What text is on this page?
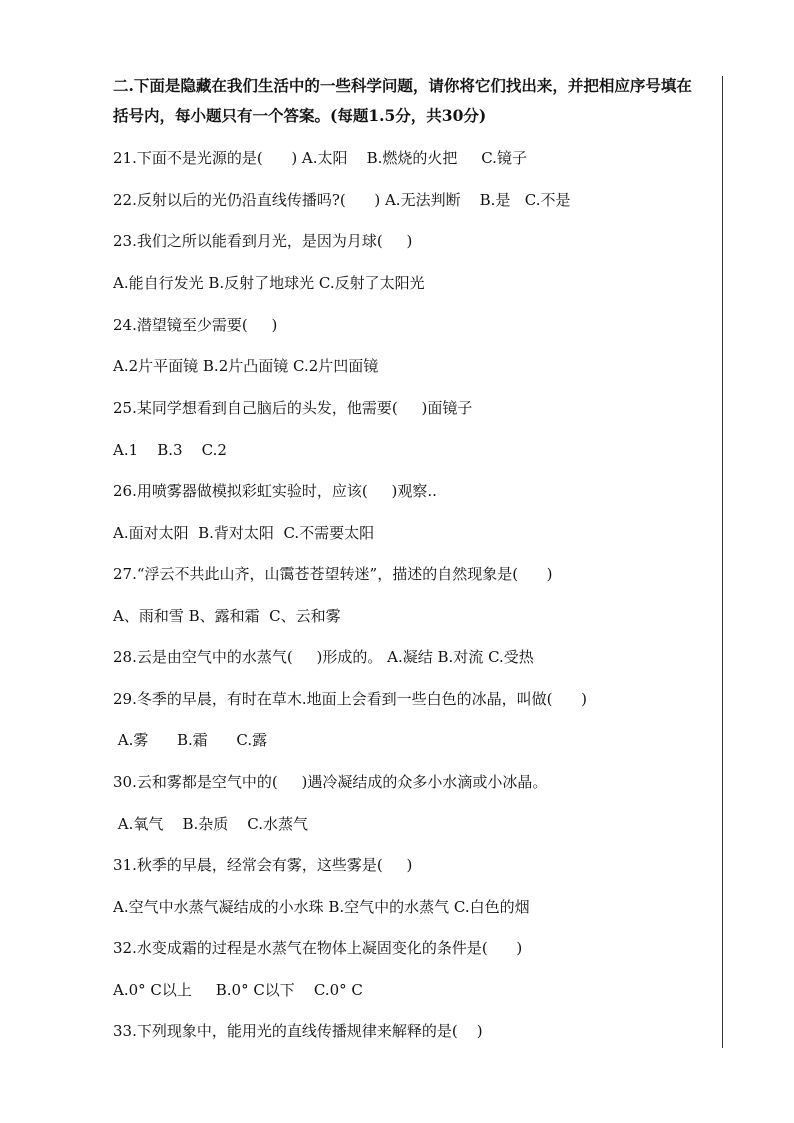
二.下面是隐藏在我们生活中的一些科学问题，请你将它们找出来，并把相应序号填在

括号内，每小题只有一个答案。(每题1.5分，共30分)

21.下面不是光源的是(      ) A.太阳    B.燃烧的火把     C.镜子

22.反射以后的光仍沿直线传播吗?(      ) A.无法判断    B.是   C.不是

23.我们之所以能看到月光，是因为月球(     )

A.能自行发光 B.反射了地球光 C.反射了太阳光

24.潜望镜至少需要(     )

A.2片平面镜 B.2片凸面镜 C.2片凹面镜

25.某同学想看到自己脑后的头发，他需要(     )面镜子

A.1    B.3    C.2

26.用喷雾器做模拟彩虹实验时，应该(     )观察..

A.面对太阳  B.背对太阳  C.不需要太阳

27.“浮云不共此山齐，山霭苍苍望转迷”，描述的自然现象是(      )

A、雨和雪 B、露和霜  C、云和雾

28.云是由空气中的水蒸气(     )形成的。 A.凝结 B.对流 C.受热

29.冬季的早晨，有时在草木.地面上会看到一些白色的冰晶，叫做(      )

A.雾      B.霜      C.露

30.云和雾都是空气中的(     )遇冷凝结成的众多小水滴或小冰晶。

A.氧气    B.杂质    C.水蒸气

31.秋季的早晨，经常会有雾，这些雾是(     )

A.空气中水蒸气凝结成的小水珠 B.空气中的水蒸气 C.白色的烟

32.水变成霜的过程是水蒸气在物体上凝固变化的条件是(      )

A.0° C以上     B.0° C以下    C.0° C

33.下列现象中，能用光的直线传播规律来解释的是(    )
